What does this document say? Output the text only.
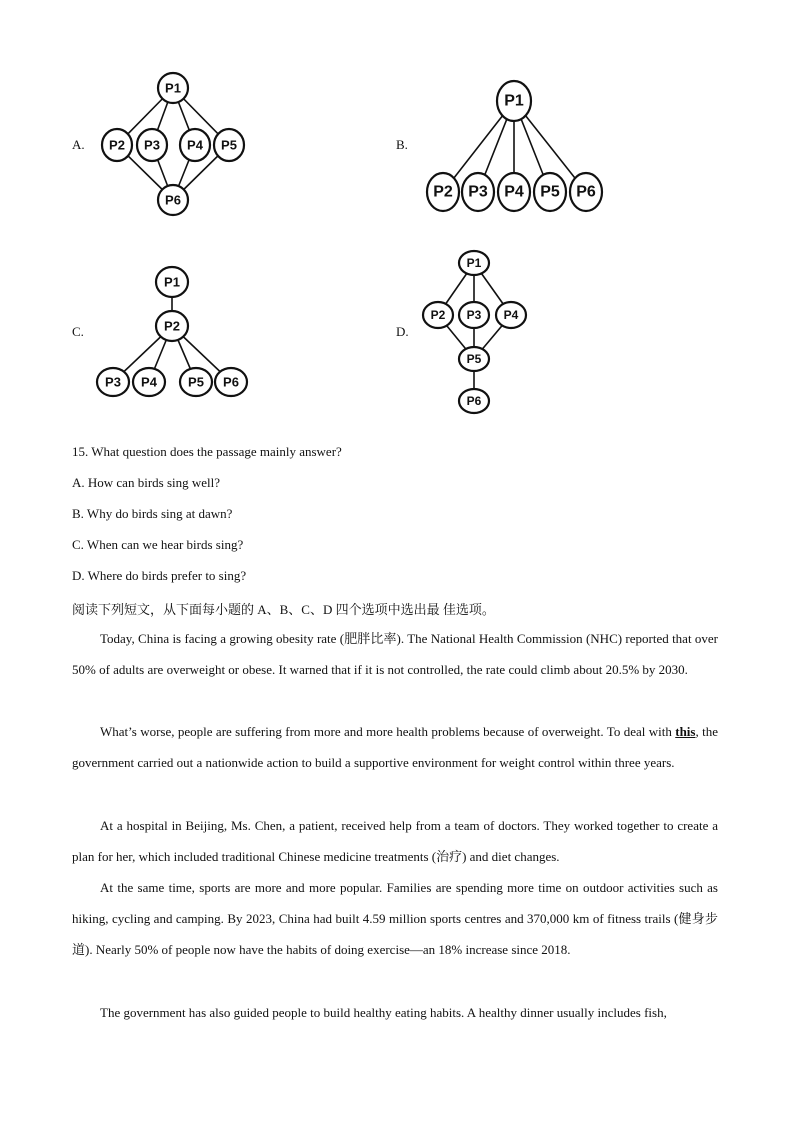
A.
P1
P2 P3 P4 P5
P6
B.
P1
P2 P3 P4 P5 P6
C.
P1
P2
P3 P4 P5 P6
D.
P1
P2 P3 P4
P5
P6
15. What question does the passage mainly answer?
A. How can birds sing well?
B. Why do birds sing at dawn?
C. When can we hear birds sing?
D. Where do birds prefer to sing?
阅读下列短文，从下面每小题的 A、B、C、D 四个选项中选出最 佳选项。
Today, China is facing a growing obesity rate (肥胖比率). The National Health Commission (NHC) reported that over 50% of adults are overweight or obese. It warned that if it is not controlled, the rate could climb about 20.5% by 2030.
What’s worse, people are suffering from more and more health problems because of overweight. To deal with this, the government carried out a nationwide action to build a supportive environment for weight control within three years.
At a hospital in Beijing, Ms. Chen, a patient, received help from a team of doctors. They worked together to create a plan for her, which included traditional Chinese medicine treatments (治疗) and diet changes.
At the same time, sports are more and more popular. Families are spending more time on outdoor activities such as hiking, cycling and camping. By 2023, China had built 4.59 million sports centres and 370,000 km of fitness trails (健身步道). Nearly 50% of people now have the habits of doing exercise—an 18% increase since 2018.
The government has also guided people to build healthy eating habits. A healthy dinner usually includes fish,
